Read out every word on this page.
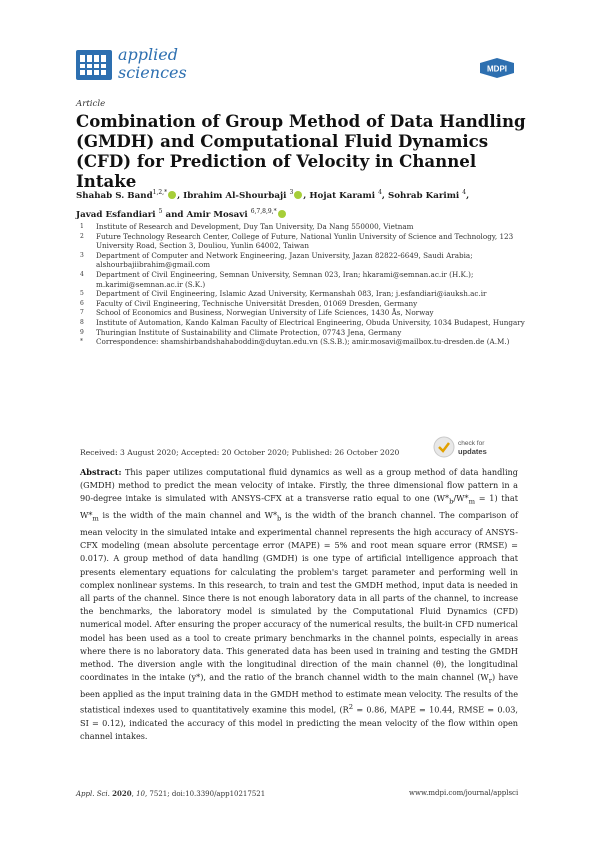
applied
sciences	MDPI
Article
Combination of Group Method of Data Handling (GMDH) and Computational Fluid Dynamics (CFD) for Prediction of Velocity in Channel Intake
Shahab S. Band$^{1,2,*}$ , Ibrahim Al-Shourbaji $^3$ , Hojat Karami $^4$, Sohrab Karimi $^4$,
Javad Esfandiari $^5$ and Amir Mosavi $^{6,7,8,9,*}$
1	Institute of Research and Development, Duy Tan University, Da Nang 550000, Vietnam
2	Future Technology Research Center, College of Future, National Yunlin University of Science and Technology, 123 University Road, Section 3, Douliou, Yunlin 64002, Taiwan
3	Department of Computer and Network Engineering, Jazan University, Jazan 82822-6649, Saudi Arabia; alshourbajiibrahim@gmail.com
4	Department of Civil Engineering, Semnan University, Semnan 023, Iran; hkarami@semnan.ac.ir (H.K.); m.karimi@semnan.ac.ir (S.K.)
5	Department of Civil Engineering, Islamic Azad University, Kermanshah 083, Iran; j.esfandiari@iauksh.ac.ir
6	Faculty of Civil Engineering, Technische Universität Dresden, 01069 Dresden, Germany
7	School of Economics and Business, Norwegian University of Life Sciences, 1430 Ås, Norway
8	Institute of Automation, Kando Kalman Faculty of Electrical Engineering, Obuda University, 1034 Budapest, Hungary
9	Thuringian Institute of Sustainability and Climate Protection, 07743 Jena, Germany
*	Correspondence: shamshirbandshahaboddin@duytan.edu.vn (S.S.B.); amir.mosavi@mailbox.tu-dresden.de (A.M.)
Received: 3 August 2020; Accepted: 20 October 2020; Published: 26 October 2020
check for
updates
Abstract: This paper utilizes computational fluid dynamics as well as a group method of data handling (GMDH) method to predict the mean velocity of intake. Firstly, the three dimensional flow pattern in a 90-degree intake is simulated with ANSYS-CFX at a transverse ratio equal to one $(W*_b/W*_m = 1)$ that $W*_m$ is the width of the main channel and $W*_b$ is the width of the branch channel. The comparison of mean velocity in the simulated intake and experimental channel represents the high accuracy of ANSYS-CFX modeling (mean absolute percentage error (MAPE) = 5% and root mean square error (RMSE) = 0.017). A group method of data handling (GMDH) is one type of artificial intelligence approach that presents elementary equations for calculating the problem's target parameter and performing well in complex nonlinear systems. In this research, to train and test the GMDH method, input data is needed in all parts of the channel. Since there is not enough laboratory data in all parts of the channel, to increase the benchmarks, the laboratory model is simulated by the Computational Fluid Dynamics (CFD) numerical model. After ensuring the proper accuracy of the numerical results, the built-in CFD numerical model has been used as a tool to create primary benchmarks in the channel points, especially in areas where there is no laboratory data. This generated data has been used in training and testing the GMDH method. The diversion angle with the longitudinal direction of the main channel (θ), the longitudinal coordinates in the intake (y*), and the ratio of the branch channel width to the main channel $(W_r)$ have been applied as the input training data in the GMDH method to estimate mean velocity. The results of the statistical indexes used to quantitatively examine this model, ($R^2 = 0.86$, MAPE = 10.44, RMSE = 0.03, SI = 0.12), indicated the accuracy of this model in predicting the mean velocity of the flow within open channel intakes.
Appl. Sci. 2020, 10, 7521; doi:10.3390/app10217521	www.mdpi.com/journal/applsci
